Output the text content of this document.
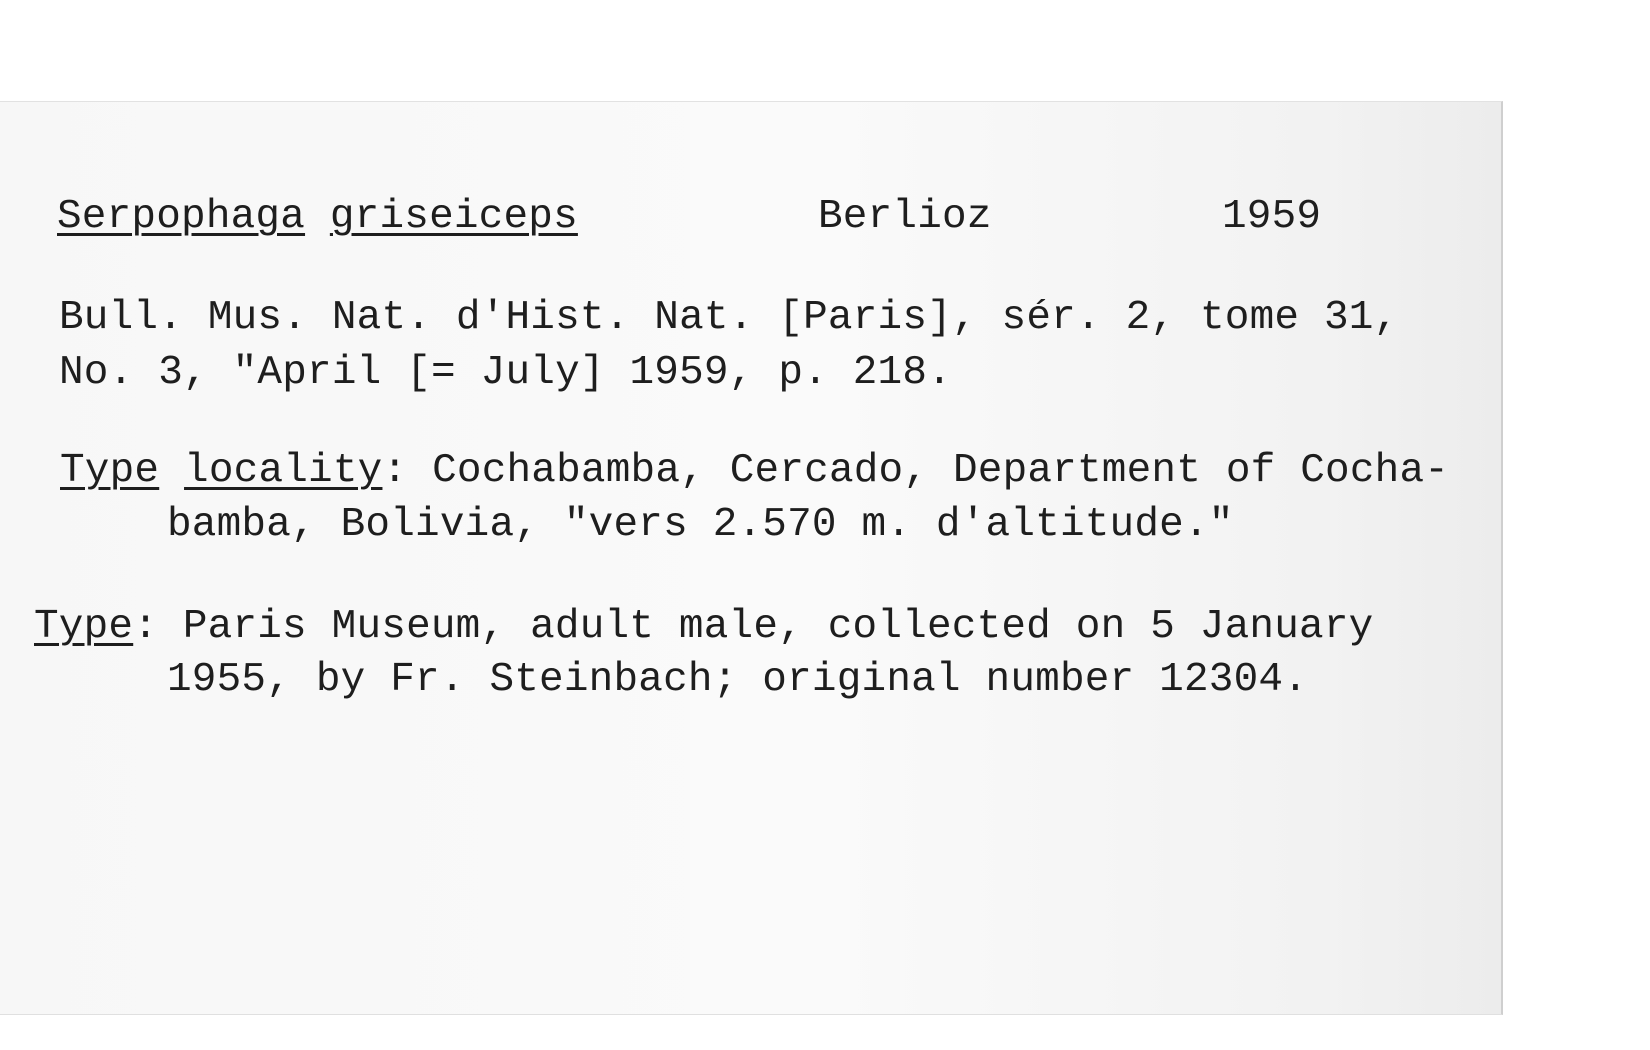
Serpophaga griseiceps	Berlioz	1959
Bull. Mus. Nat. d'Hist. Nat. [Paris], sér. 2, tome 31,
No. 3, "April [= July] 1959, p. 218.
Type locality: Cochabamba, Cercado, Department of Cocha-
bamba, Bolivia, "vers 2.570 m. d'altitude."
Type: Paris Museum, adult male, collected on 5 January
1955, by Fr. Steinbach; original number 12304.
